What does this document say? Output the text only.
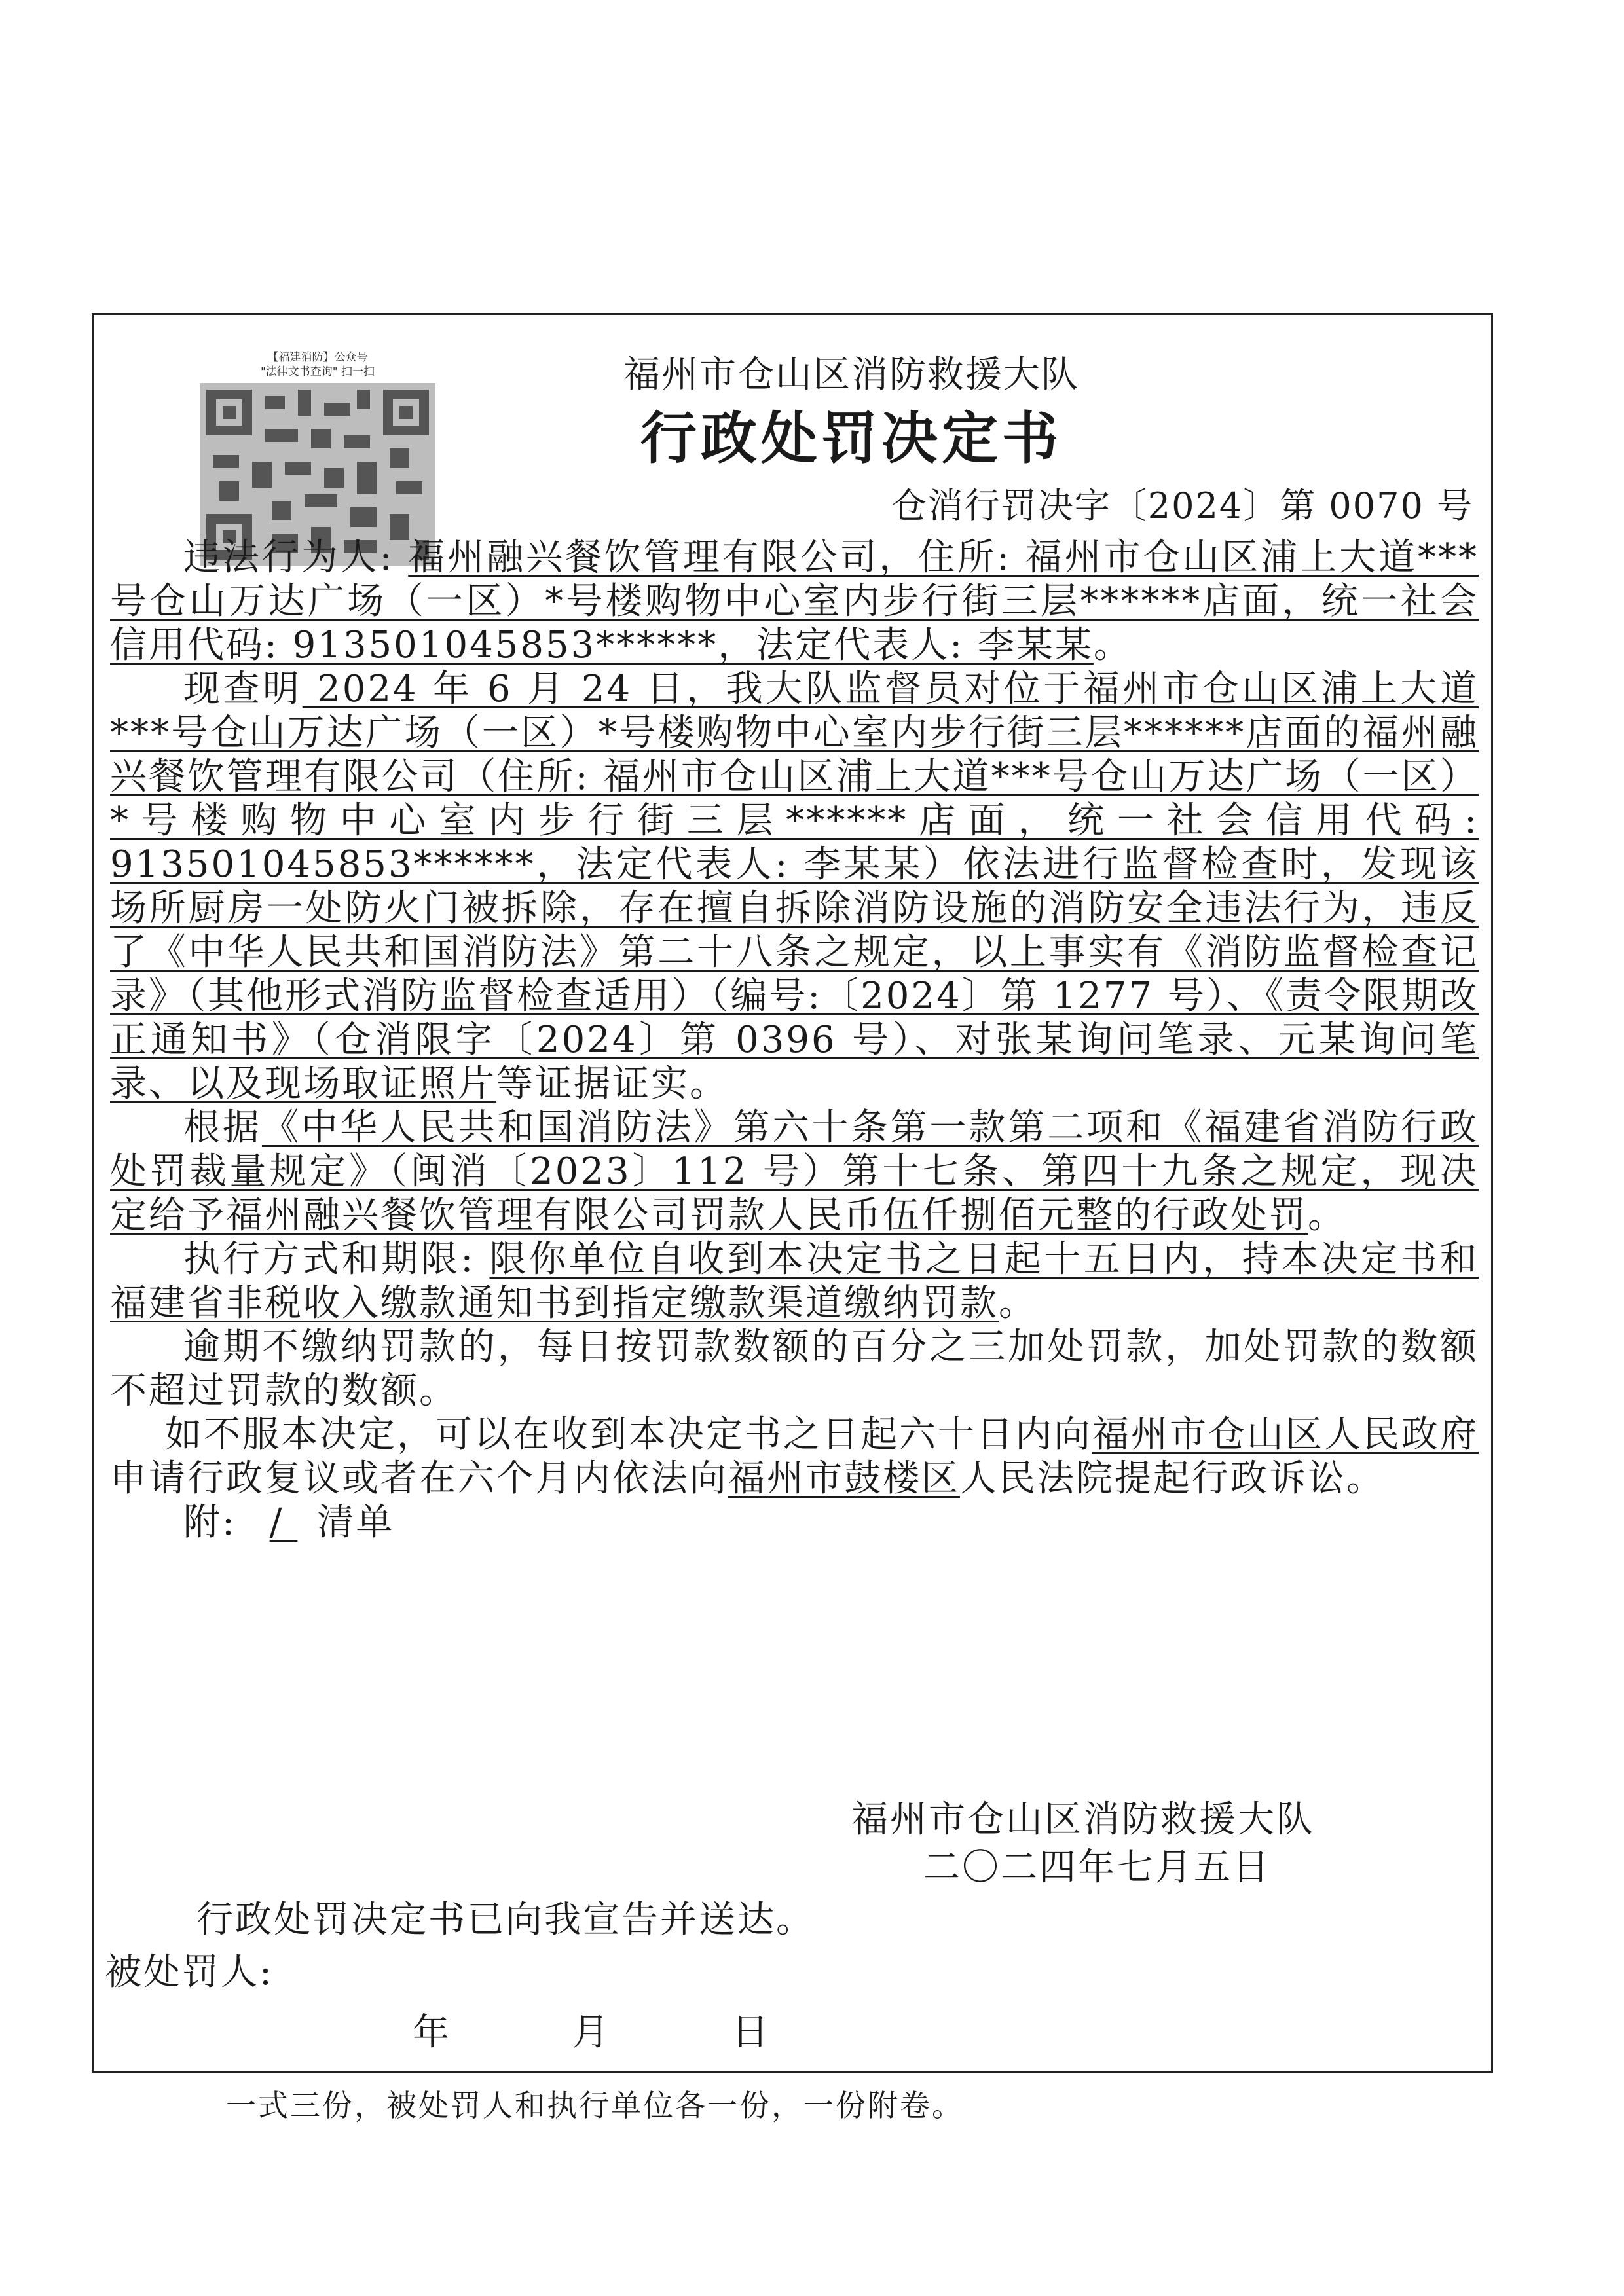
【福建消防】公众号
"法律文书查询" 扫一扫	福州市仓山区消防救援大队
行政处罚决定书
仓消行罚决字〔2024〕第 0070 号

违法行为人: 福州融兴餐饮管理有限公司，住所: 福州市仓山区浦上大道***号仓山万达广场（一区）*号楼购物中心室内步行街三层******店面，统一社会信用代码: 913501045853******，法定代表人: 李某某。

现查明 2024 年 6 月 24 日，我大队监督员对位于福州市仓山区浦上大道***号仓山万达广场（一区）*号楼购物中心室内步行街三层******店面的福州融兴餐饮管理有限公司（住所: 福州市仓山区浦上大道***号仓山万达广场（一区）*号楼购物中心室内步行街三层******店面，统一社会信用代码: 913501045853******，法定代表人: 李某某）依法进行监督检查时，发现该场所厨房一处防火门被拆除，存在擅自拆除消防设施的消防安全违法行为，违反了《中华人民共和国消防法》第二十八条之规定，以上事实有《消防监督检查记录》（其他形式消防监督检查适用）（编号:〔2024〕第 1277 号）、《责令限期改正通知书》（仓消限字〔2024〕第 0396 号）、对张某询问笔录、元某询问笔录、以及现场取证照片等证据证实。

根据《中华人民共和国消防法》第六十条第一款第二项和《福建省消防行政处罚裁量规定》（闽消〔2023〕112 号）第十七条、第四十九条之规定，现决定给予福州融兴餐饮管理有限公司罚款人民币伍仟捌佰元整的行政处罚。

执行方式和期限: 限你单位自收到本决定书之日起十五日内，持本决定书和福建省非税收入缴款通知书到指定缴款渠道缴纳罚款。

逾期不缴纳罚款的，每日按罚款数额的百分之三加处罚款，加处罚款的数额不超过罚款的数额。

如不服本决定，可以在收到本决定书之日起六十日内向福州市仓山区人民政府申请行政复议或者在六个月内依法向福州市鼓楼区人民法院提起行政诉讼。

附: / 清单

福州市仓山区消防救援大队
二〇二四年七月五日
行政处罚决定书已向我宣告并送达。
被处罚人:
年	月	日
一式三份，被处罚人和执行单位各一份，一份附卷。
